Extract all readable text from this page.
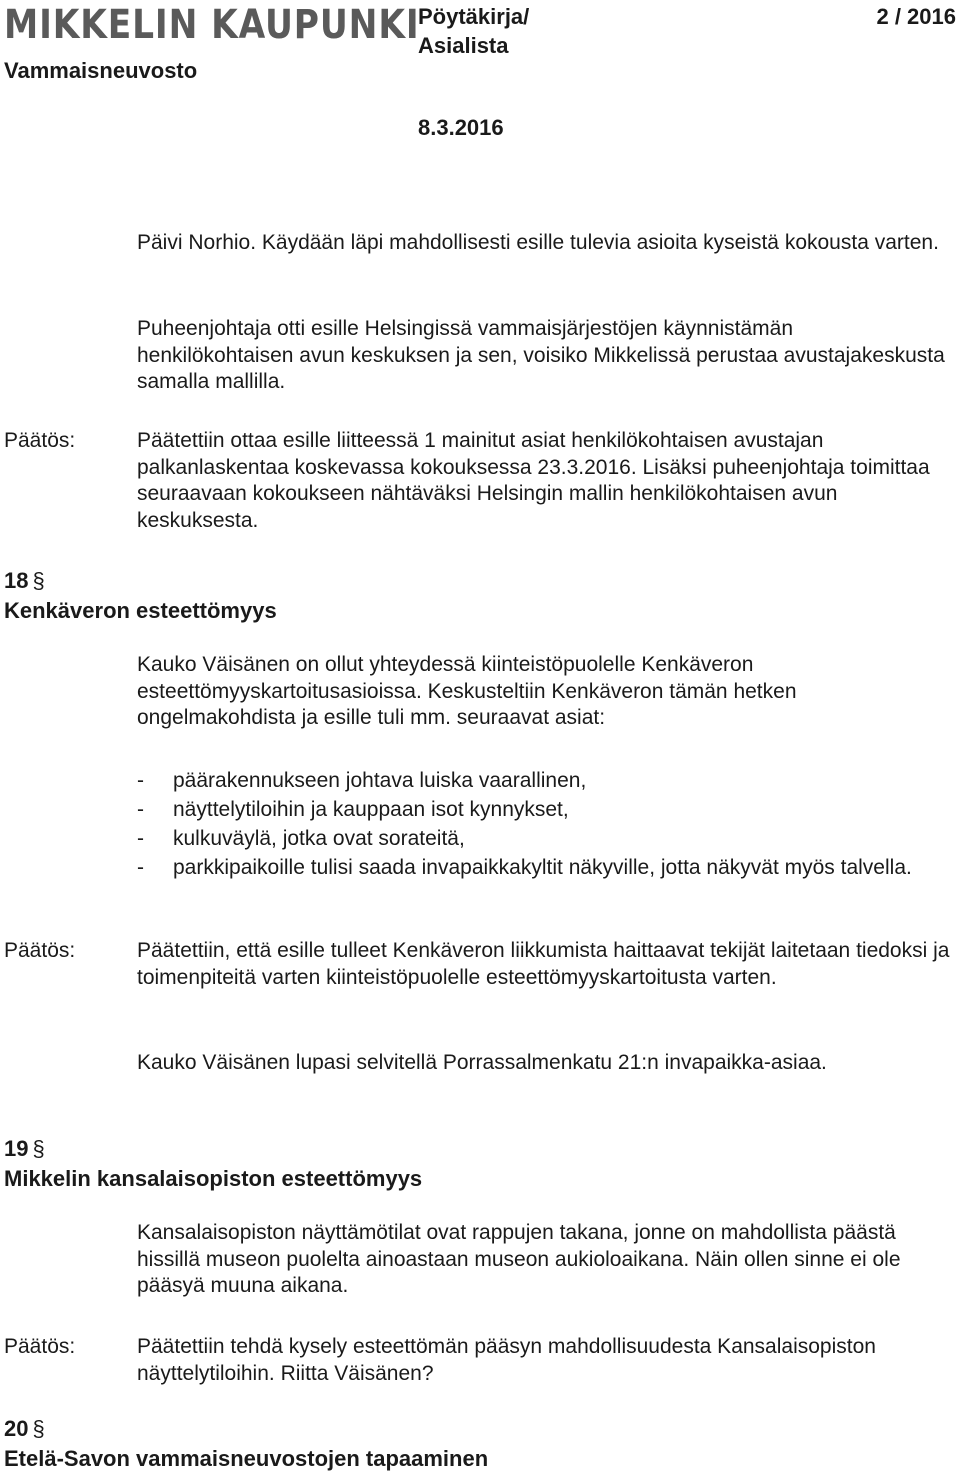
MIKKELIN KAUPUNKI
Vammaisneuvosto
Pöytäkirja/
Asialista
2 / 2016
8.3.2016

Päivi Norhio. Käydään läpi mahdollisesti esille tulevia asioita kyseistä kokousta varten.

Puheenjohtaja otti esille Helsingissä vammaisjärjestöjen käynnistämän henkilökohtaisen avun keskuksen ja sen, voisiko Mikkelissä perustaa avustajakeskusta samalla mallilla.

Päätös:	Päätettiin ottaa esille liitteessä 1 mainitut asiat henkilökohtaisen avustajan palkanlaskentaa koskevassa kokouksessa 23.3.2016. Lisäksi puheenjohtaja toimittaa seuraavaan kokoukseen nähtäväksi Helsingin mallin henkilökohtaisen avun keskuksesta.

18 §
Kenkäveron esteettömyys

Kauko Väisänen on ollut yhteydessä kiinteistöpuolelle Kenkäveron esteettömyyskartoitusasioissa. Keskusteltiin Kenkäveron tämän hetken ongelmakohdista ja esille tuli mm. seuraavat asiat:

- päärakennukseen johtava luiska vaarallinen,
- näyttelytiloihin ja kauppaan isot kynnykset,
- kulkuväylä, jotka ovat sorateitä,
- parkkipaikoille tulisi saada invapaikkakyltit näkyville, jotta näkyvät myös talvella.
Päätös:	Päätettiin, että esille tulleet Kenkäveron liikkumista haittaavat tekijät laitetaan tiedoksi ja toimenpiteitä varten kiinteistöpuolelle esteettömyyskartoitusta varten.

Kauko Väisänen lupasi selvitellä Porrassalmenkatu 21:n invapaikka-asiaa.

19 §
Mikkelin kansalaisopiston esteettömyys

Kansalaisopiston näyttämötilat ovat rappujen takana, jonne on mahdollista päästä hissillä museon puolelta ainoastaan museon aukioloaikana. Näin ollen sinne ei ole pääsyä muuna aikana.

Päätös:	Päätettiin tehdä kysely esteettömän pääsyn mahdollisuudesta Kansalaisopiston näyttelytiloihin. Riitta Väisänen?

20 §
Etelä-Savon vammaisneuvostojen tapaaminen
